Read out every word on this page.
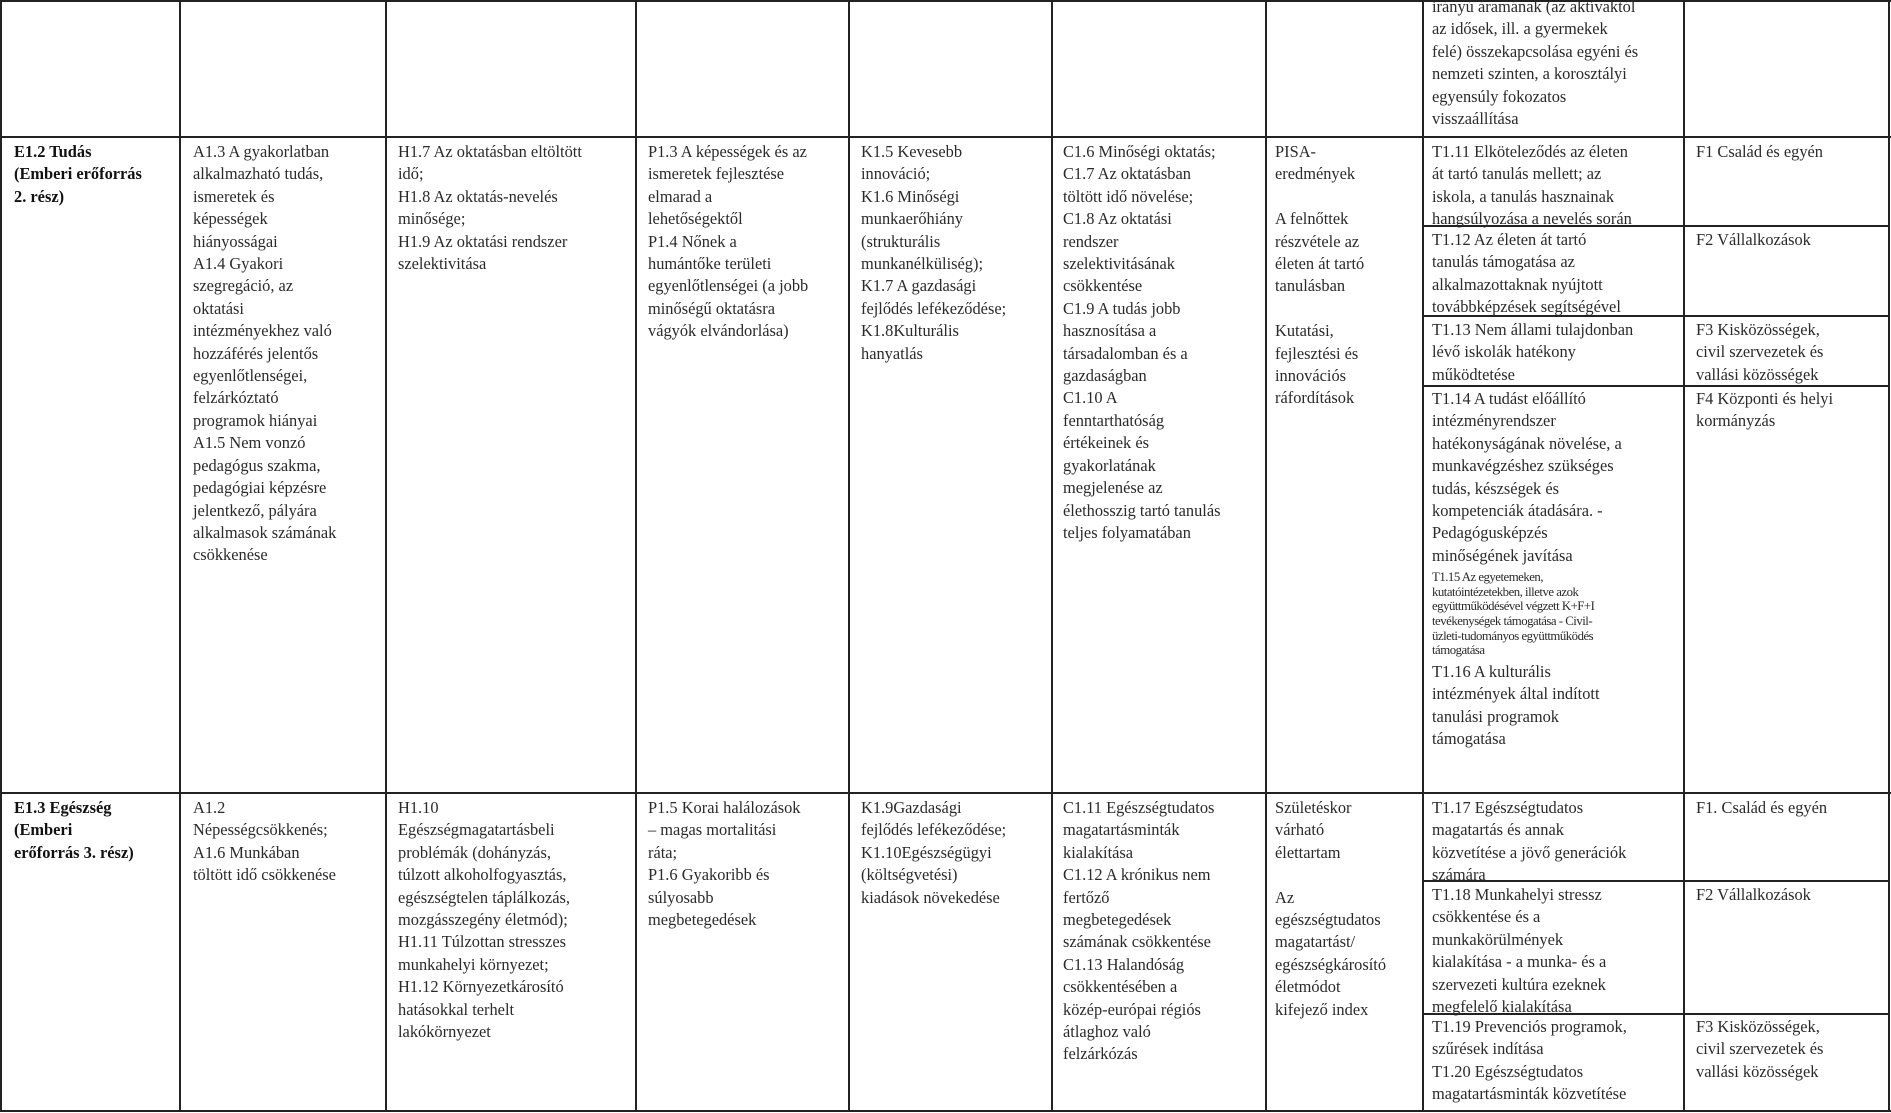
irányú áramának (az aktívaktól
az idősek, ill. a gyermekek
felé) összekapcsolása egyéni és
nemzeti szinten, a korosztályi
egyensúly fokozatos
visszaállítása
E1.2 Tudás
(Emberi erőforrás
2. rész)
A1.3 A gyakorlatban
alkalmazható tudás,
ismeretek és
képességek
hiányosságai
A1.4 Gyakori
szegregáció, az
oktatási
intézményekhez való
hozzáférés jelentős
egyenlőtlenségei,
felzárkóztató
programok hiányai
A1.5 Nem vonzó
pedagógus szakma,
pedagógiai képzésre
jelentkező, pályára
alkalmasok számának
csökkenése
H1.7 Az oktatásban eltöltött
idő;
H1.8 Az oktatás-nevelés
minősége;
H1.9 Az oktatási rendszer
szelektivitása
P1.3 A képességek és az
ismeretek fejlesztése
elmarad a
lehetőségektől
P1.4 Nőnek a
humántőke területi
egyenlőtlenségei (a jobb
minőségű oktatásra
vágyók elvándorlása)
K1.5 Kevesebb
innováció;
K1.6 Minőségi
munkaerőhiány
(strukturális
munkanélküliség);
K1.7 A gazdasági
fejlődés lefékeződése;
K1.8Kulturális
hanyatlás
C1.6 Minőségi oktatás;
C1.7 Az oktatásban
töltött idő növelése;
C1.8 Az oktatási
rendszer
szelektivitásának
csökkentése
C1.9 A tudás jobb
hasznosítása a
társadalomban és a
gazdaságban
C1.10 A
fenntarthatóság
értékeinek és
gyakorlatának
megjelenése az
élethosszig tartó tanulás
teljes folyamatában
PISA-
eredmények

A felnőttek
részvétele az
életen át tartó
tanulásban

Kutatási,
fejlesztési és
innovációs
ráfordítások
T1.11 Elköteleződés az életen
át tartó tanulás mellett; az
iskola, a tanulás hasznainak
hangsúlyozása a nevelés során
T1.12 Az életen át tartó
tanulás támogatása az
alkalmazottaknak nyújtott
továbbképzések segítségével
T1.13 Nem állami tulajdonban
lévő iskolák hatékony
működtetése
T1.14 A tudást előállító
intézményrendszer
hatékonyságának növelése, a
munkavégzéshez szükséges
tudás, készségek és
kompetenciák átadására. -
Pedagógusképzés
minőségének javítása
T1.15 Az egyetemeken,
kutatóintézetekben, illetve azok
együttműködésével végzett K+F+I
tevékenységek támogatása - Civil-
üzleti-tudományos együttműködés
támogatása
T1.16 A kulturális
intézmények által indított
tanulási programok
támogatása
F1 Család és egyén
F2 Vállalkozások
F3 Kisközösségek,
civil szervezetek és
vallási közösségek
F4 Központi és helyi
kormányzás
E1.3 Egészség
(Emberi
erőforrás 3. rész)
A1.2
Népességcsökkenés;
A1.6 Munkában
töltött idő csökkenése
H1.10
Egészségmagatartásbeli
problémák (dohányzás,
túlzott alkoholfogyasztás,
egészségtelen táplálkozás,
mozgásszegény életmód);
H1.11 Túlzottan stresszes
munkahelyi környezet;
H1.12 Környezetkárosító
hatásokkal terhelt
lakókörnyezet
P1.5 Korai halálozások
– magas mortalitási
ráta;
P1.6 Gyakoribb és
súlyosabb
megbetegedések
K1.9Gazdasági
fejlődés lefékeződése;
K1.10Egészségügyi
(költségvetési)
kiadások növekedése
C1.11 Egészségtudatos
magatartásminták
kialakítása
C1.12 A krónikus nem
fertőző
megbetegedések
számának csökkentése
C1.13 Halandóság
csökkentésében a
közép-európai régiós
átlaghoz való
felzárkózás
Születéskor
várható
élettartam

Az
egészségtudatos
magatartást/
egészségkárosító
életmódot
kifejező index
T1.17 Egészségtudatos
magatartás és annak
közvetítése a jövő generációk
számára
T1.18 Munkahelyi stressz
csökkentése és a
munkakörülmények
kialakítása - a munka- és a
szervezeti kultúra ezeknek
megfelelő kialakítása
T1.19 Prevenciós programok,
szűrések indítása
T1.20 Egészségtudatos
magatartásminták közvetítése
F1. Család és egyén
F2 Vállalkozások
F3 Kisközösségek,
civil szervezetek és
vallási közösségek
